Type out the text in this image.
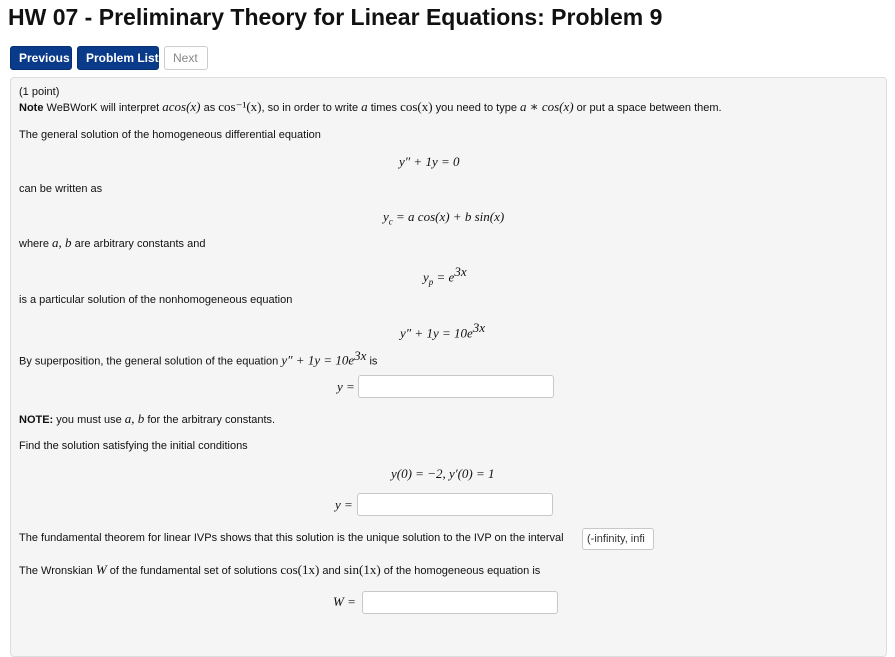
HW 07 - Preliminary Theory for Linear Equations: Problem 9
Previous	Problem List	Next
(1 point)
Note WeBWorK will interpret acos(x) as cos⁻¹(x), so in order to write a times cos(x) you need to type a ∗ cos(x) or put a space between them.
The general solution of the homogeneous differential equation
y″ + 1y = 0
can be written as
$y_c = a$ cos(x) + b sin(x)
where a, b are arbitrary constants and
$y_p = e^{3x}$
is a particular solution of the nonhomogeneous equation
$y'' + 1y = 10e^{3x}$
By superposition, the general solution of the equation $y'' + 1y = 10e^{3x}$ is
y =
NOTE: you must use a, b for the arbitrary constants.
Find the solution satisfying the initial conditions
y(0) = −2, y′(0) = 1
y =
The fundamental theorem for linear IVPs shows that this solution is the unique solution to the IVP on the interval	(-infinity, infi
The Wronskian W of the fundamental set of solutions cos(1x) and sin(1x) of the homogeneous equation is
W =
